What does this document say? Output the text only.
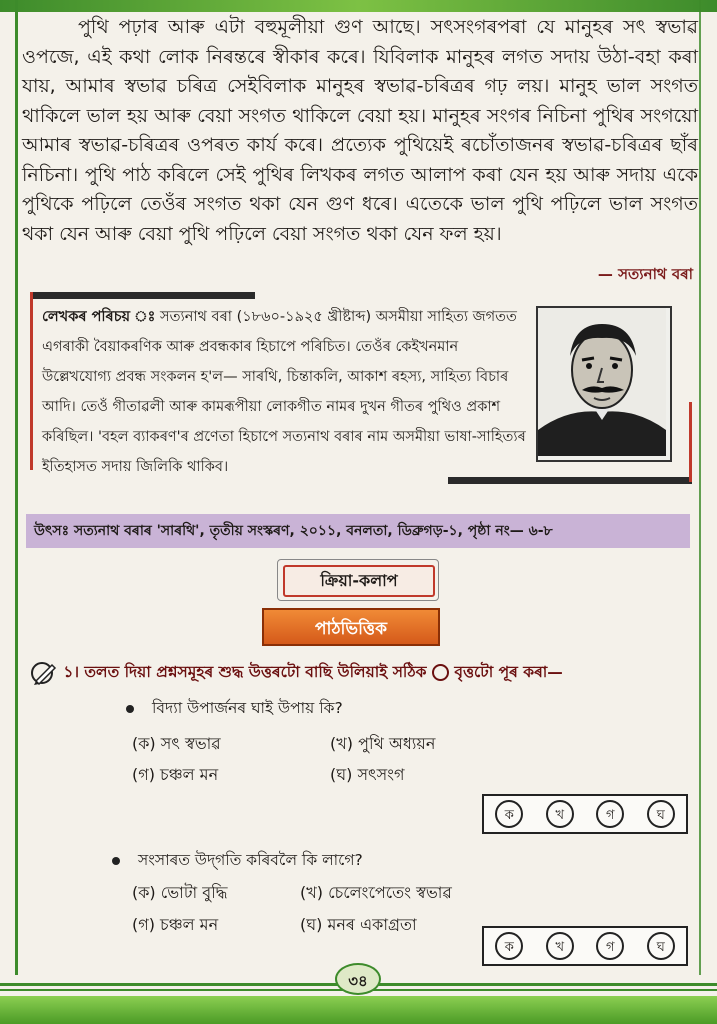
পুথি পঢ়াৰ আৰু এটা বহুমূলীয়া গুণ আছে। সৎসংগৰপৰা যে মানুহৰ সৎ স্বভাৱ ওপজে, এই কথা লোক নিৰন্তৰে স্বীকাৰ কৰে। যিবিলাক মানুহৰ লগত সদায় উঠা-বহা কৰা যায়, আমাৰ স্বভাৱ চৰিত্ৰ সেইবিলাক মানুহৰ স্বভাৱ-চৰিত্ৰৰ গঢ় লয়। মানুহ ভাল সংগত থাকিলে ভাল হয় আৰু বেয়া সংগত থাকিলে বেয়া হয়। মানুহৰ সংগৰ নিচিনা পুথিৰ সংগয়ো আমাৰ স্বভাৱ-চৰিত্ৰৰ ওপৰত কাৰ্য কৰে। প্ৰত্যেক পুথিয়েই ৰচোঁতাজনৰ স্বভাৱ-চৰিত্ৰৰ ছাঁৰ নিচিনা। পুথি পাঠ কৰিলে সেই পুথিৰ লিখকৰ লগত আলাপ কৰা যেন হয় আৰু সদায় একে পুথিকে পঢ়িলে তেওঁৰ সংগত থকা যেন গুণ ধৰে। এতেকে ভাল পুথি পঢ়িলে ভাল সংগত থকা যেন আৰু বেয়া পুথি পঢ়িলে বেয়া সংগত থকা যেন ফল হয়।

— সত্যনাথ বৰা

লেখকৰ পৰিচয় ঃ সত্যনাথ বৰা (১৮৬০-১৯২৫ খ্ৰীষ্টাব্দ) অসমীয়া সাহিত্য জগতত এগৰাকী বৈয়াকৰণিক আৰু প্ৰবন্ধকাৰ হিচাপে পৰিচিত। তেওঁৰ কেইখনমান উল্লেখযোগ্য প্ৰবন্ধ সংকলন হ'ল— সাৰথি, চিন্তাকলি, আকাশ ৰহস্য, সাহিত্য বিচাৰ আদি। তেওঁ গীতাৱলী আৰু কামৰূপীয়া লোকগীত নামৰ দুখন গীতৰ পুথিও প্ৰকাশ কৰিছিল। 'বহল ব্যাকৰণ'ৰ প্ৰণেতা হিচাপে সত্যনাথ বৰাৰ নাম অসমীয়া ভাষা-সাহিত্যৰ ইতিহাসত সদায় জিলিকি থাকিব।

উৎসঃ সত্যনাথ বৰাৰ 'সাৰথি', তৃতীয় সংস্কৰণ, ২০১১, বনলতা, ডিব্ৰুগড়-১, পৃষ্ঠা নং— ৬-৮
ক্ৰিয়া-কলাপ
পাঠভিত্তিক
১। তলত দিয়া প্ৰশ্নসমূহৰ শুদ্ধ উত্তৰটো বাছি উলিয়াই সঠিক বৃত্তটো পূৰ কৰা—
বিদ্যা উপাৰ্জনৰ ঘাই উপায় কি?
(ক) সৎ স্বভাৱ	(খ) পুথি অধ্যয়ন
(গ) চঞ্চল মন	(ঘ) সৎসংগ
ক	খ	গ	ঘ
সংসাৰত উদ্‌গতি কৰিবলৈ কি লাগে?
(ক) ভোটা বুদ্ধি	(খ) চেলেংপেতেং স্বভাৱ
(গ) চঞ্চল মন	(ঘ) মনৰ একাগ্ৰতা
ক	খ	গ	ঘ
৩৪
